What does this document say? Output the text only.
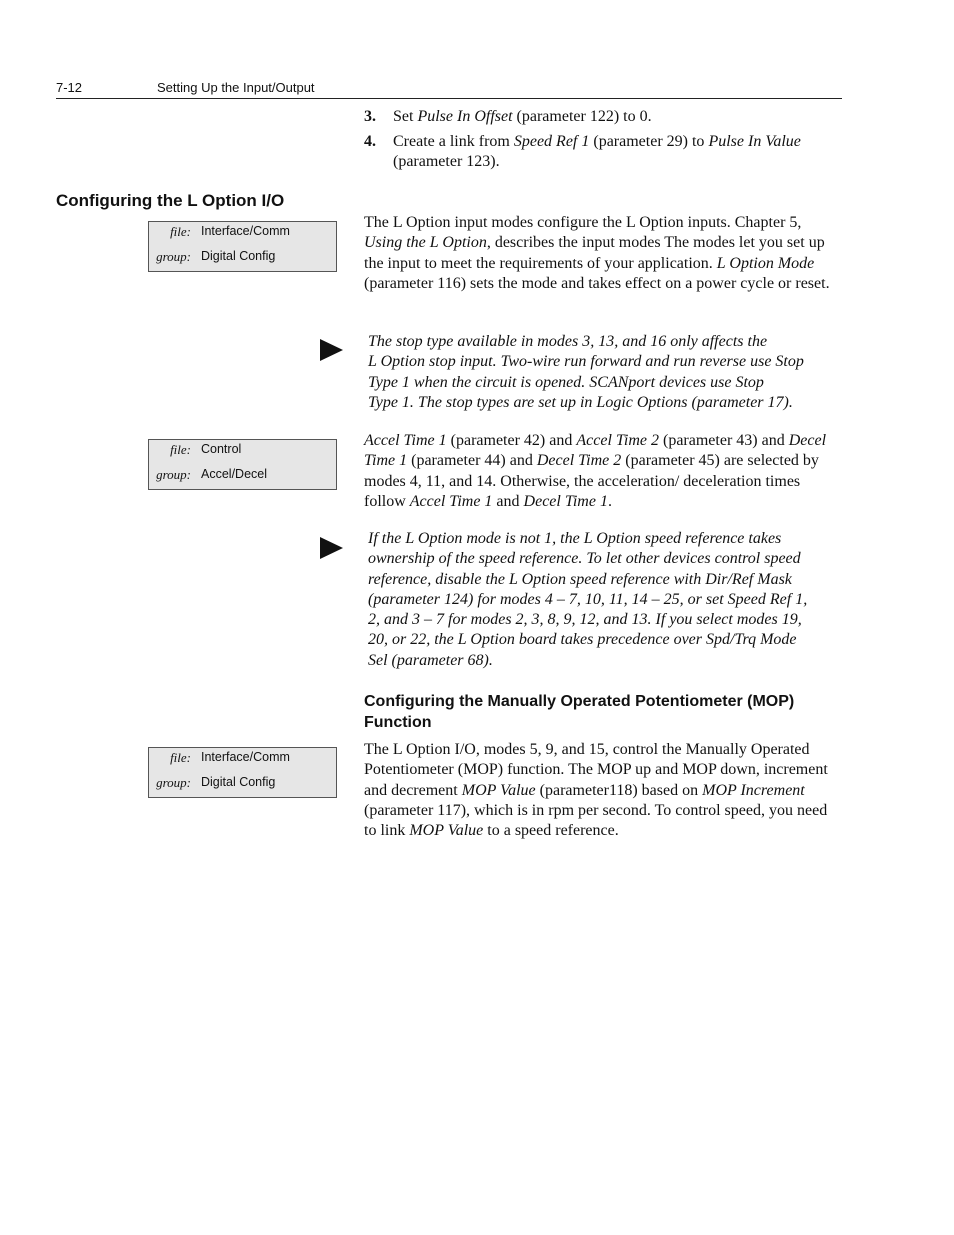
7-12	Setting Up the Input/Output
3. Set Pulse In Offset (parameter 122) to 0.
4. Create a link from Speed Ref 1 (parameter 29) to Pulse In Value (parameter 123).
Configuring the L Option I/O
file: Interface/Comm
group: Digital Config
The L Option input modes configure the L Option inputs. Chapter 5, Using the L Option, describes the input modes The modes let you set up the input to meet the requirements of your application. L Option Mode (parameter 116) sets the mode and takes effect on a power cycle or reset.
The stop type available in modes 3, 13, and 16 only affects the
L Option stop input. Two-wire run forward and run reverse use Stop
Type 1 when the circuit is opened. SCANport devices use Stop
Type 1. The stop types are set up in Logic Options (parameter 17).
file: Control
group: Accel/Decel
Accel Time 1 (parameter 42) and Accel Time 2 (parameter 43) and Decel Time 1 (parameter 44) and Decel Time 2 (parameter 45) are selected by modes 4, 11, and 14. Otherwise, the acceleration/ deceleration times follow Accel Time 1 and Decel Time 1.
If the L Option mode is not 1, the L Option speed reference takes
ownership of the speed reference. To let other devices control speed
reference, disable the L Option speed reference with Dir/Ref Mask
(parameter 124) for modes 4 – 7, 10, 11, 14 – 25, or set Speed Ref 1,
2, and 3 – 7 for modes 2, 3, 8, 9, 12, and 13. If you select modes 19,
20, or 22, the L Option board takes precedence over Spd/Trq Mode
Sel (parameter 68).
Configuring the Manually Operated Potentiometer (MOP) Function
file: Interface/Comm
group: Digital Config
The L Option I/O, modes 5, 9, and 15, control the Manually Operated Potentiometer (MOP) function. The MOP up and MOP down, increment and decrement MOP Value (parameter118) based on MOP Increment (parameter 117), which is in rpm per second. To control speed, you need to link MOP Value to a speed reference.
